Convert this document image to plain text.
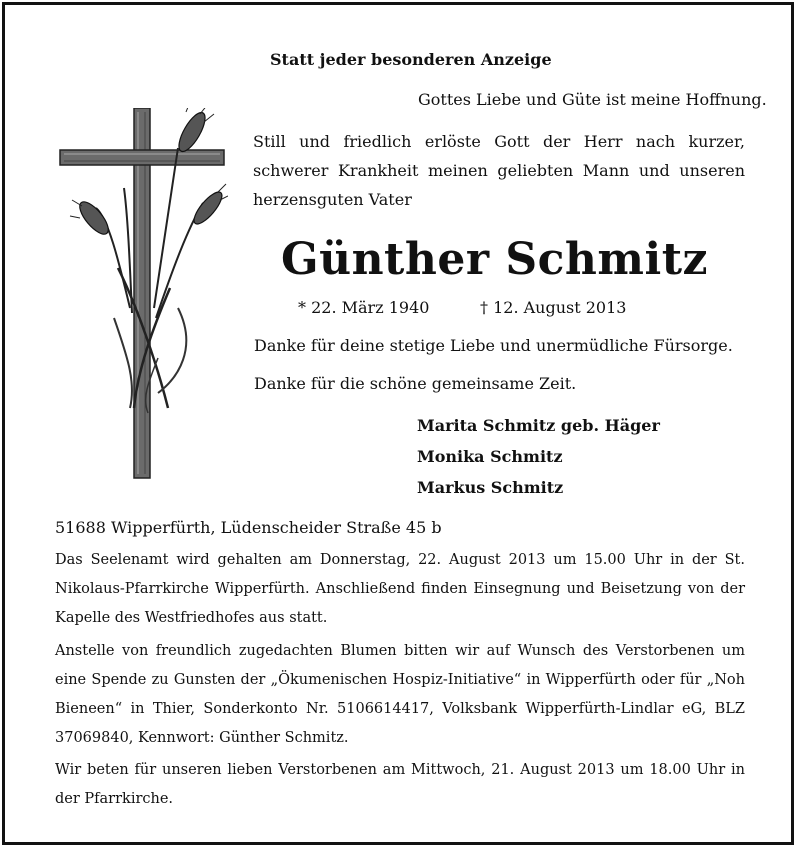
Statt jeder besonderen Anzeige
Gottes Liebe und Güte ist meine Hoffnung.
Still und friedlich erlöste Gott der Herr nach kurzer, schwerer Krankheit meinen geliebten Mann und unseren herzensguten Vater
Günther Schmitz
* 22. März 1940	† 12. August 2013
Danke für deine stetige Liebe und unermüdliche Fürsorge.
Danke für die schöne gemeinsame Zeit.
Marita Schmitz geb. Häger
Monika Schmitz
Markus Schmitz
51688 Wipperfürth, Lüdenscheider Straße 45 b
Das Seelenamt wird gehalten am Donnerstag, 22. August 2013 um 15.00 Uhr in der St. Nikolaus-Pfarrkirche Wipperfürth. Anschließend finden Einsegnung und Beisetzung von der Kapelle des Westfriedhofes aus statt.
Anstelle von freundlich zugedachten Blumen bitten wir auf Wunsch des Verstorbenen um eine Spende zu Gunsten der „Ökumenischen Hospiz-Initiative“ in Wipperfürth oder für „Noh Bieneen“ in Thier, Sonderkonto Nr. 5106614417, Volksbank Wipperfürth-Lindlar eG, BLZ 37069840, Kennwort: Günther Schmitz.
Wir beten für unseren lieben Verstorbenen am Mittwoch, 21. August 2013 um 18.00 Uhr in der Pfarrkirche.
